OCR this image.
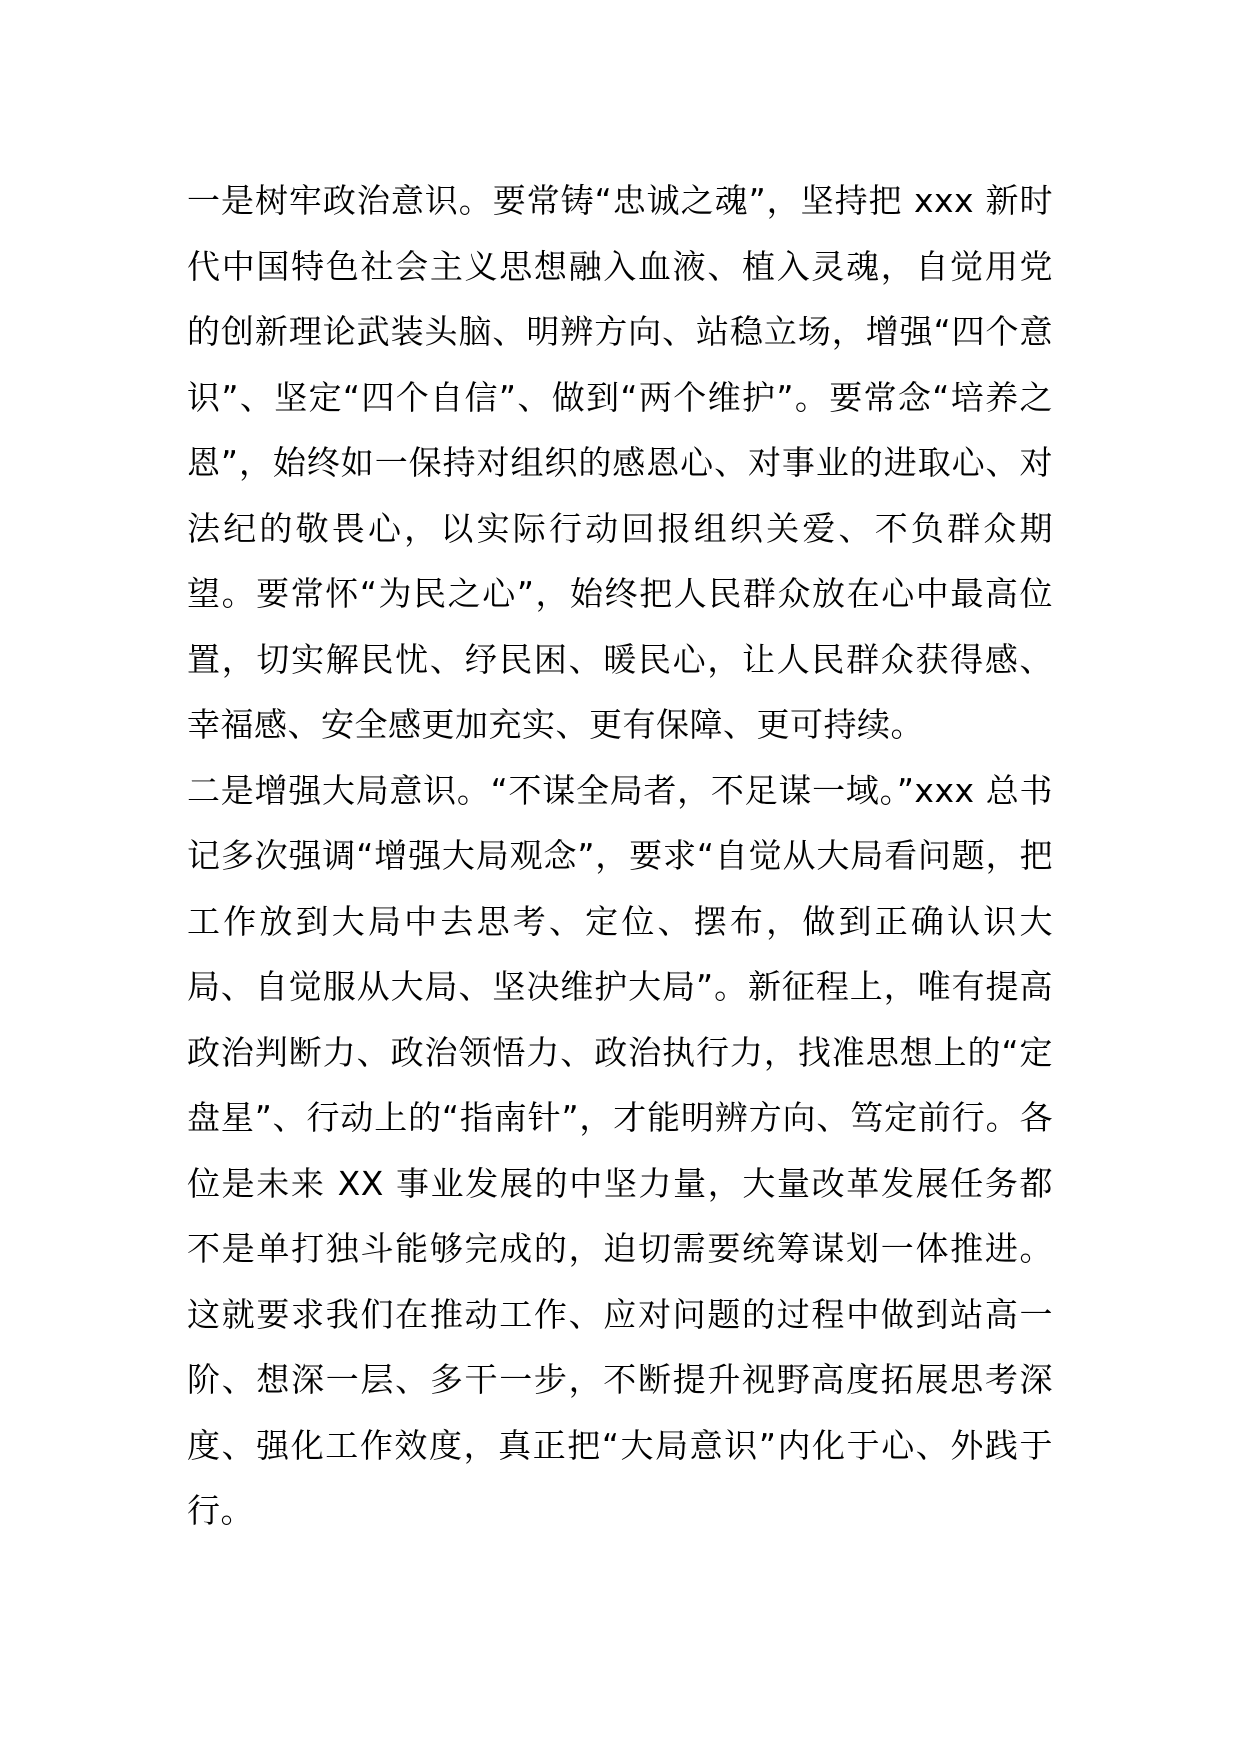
一是树牢政治意识。要常铸“忠诚之魂”，坚持把 xxx 新时代中国特色社会主义思想融入血液、植入灵魂，自觉用党的创新理论武装头脑、明辨方向、站稳立场，增强“四个意识”、坚定“四个自信”、做到“两个维护”。要常念“培养之恩”，始终如一保持对组织的感恩心、对事业的进取心、对法纪的敬畏心，以实际行动回报组织关爱、不负群众期望。要常怀“为民之心”，始终把人民群众放在心中最高位置，切实解民忧、纾民困、暖民心，让人民群众获得感、幸福感、安全感更加充实、更有保障、更可持续。

二是增强大局意识。“不谋全局者，不足谋一域。”xxx 总书记多次强调“增强大局观念”，要求“自觉从大局看问题，把工作放到大局中去思考、定位、摆布，做到正确认识大局、自觉服从大局、坚决维护大局”。新征程上，唯有提高政治判断力、政治领悟力、政治执行力，找准思想上的“定盘星”、行动上的“指南针”，才能明辨方向、笃定前行。各位是未来 XX 事业发展的中坚力量，大量改革发展任务都不是单打独斗能够完成的，迫切需要统筹谋划一体推进。这就要求我们在推动工作、应对问题的过程中做到站高一阶、想深一层、多干一步，不断提升视野高度拓展思考深度、强化工作效度，真正把“大局意识”内化于心、外践于行。
